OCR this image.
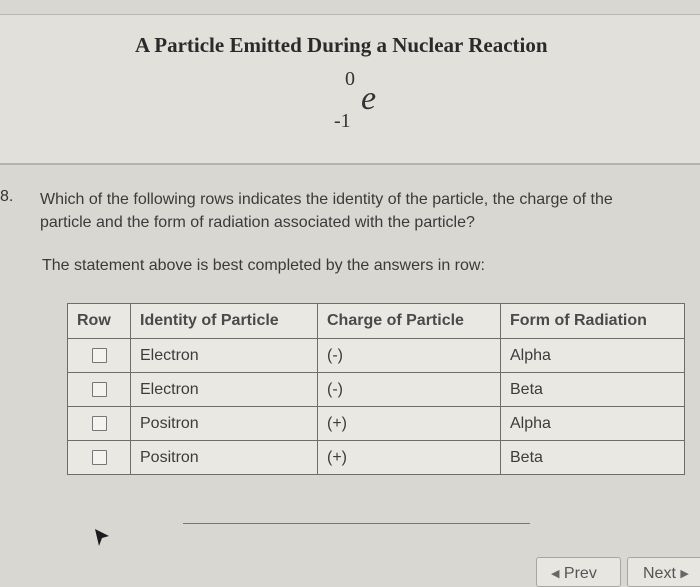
A Particle Emitted During a Nuclear Reaction
0
-1
e
8. Which of the following rows indicates the identity of the particle, the charge of the
particle and the form of radiation associated with the particle?
The statement above is best completed by the answers in row:
Row	Identity of Particle	Charge of Particle	Form of Radiation
	Electron	(-)	Alpha
	Electron	(-)	Beta
	Positron	(+)	Alpha
	Positron	(+)	Beta
◀ Prev	Next ▶
